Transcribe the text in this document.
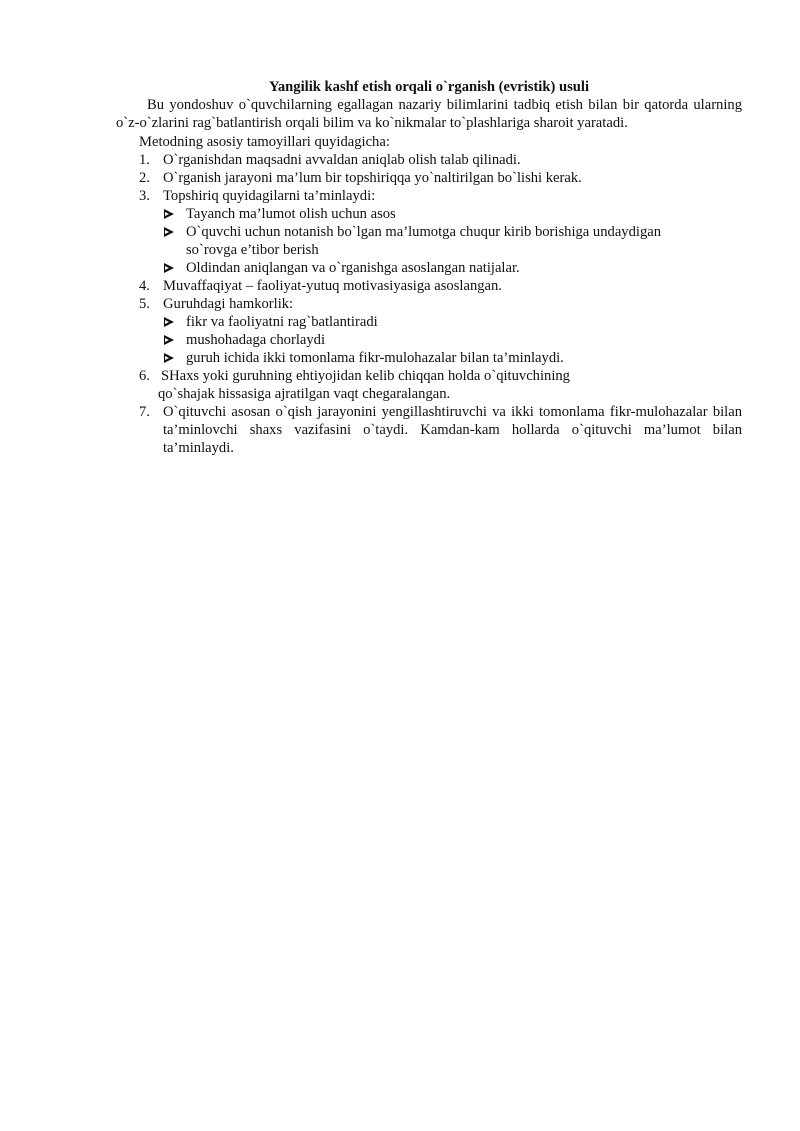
Yangilik kashf etish orqali o`rganish (evristik) usuli

Bu yondoshuv o`quvchilarning egallagan nazariy bilimlarini tadbiq etish bilan bir qatorda ularning o`z-o`zlarini rag`batlantirish orqali bilim va ko`nikmalar to`plashlariga sharoit yaratadi.

Metodning asosiy tamoyillari quyidagicha:

1. O`rganishdan maqsadni avvaldan aniqlab olish talab qilinadi.
2. O`rganish jarayoni ma’lum bir topshiriqqa yo`naltirilgan bo`lishi kerak.
3. Topshiriq quyidagilarni ta’minlaydi:
Tayanch ma’lumot olish uchun asos
O`quvchi uchun notanish bo`lgan ma’lumotga chuqur kirib borishiga undaydigan
so`rovga e’tibor berish
Oldindan aniqlangan va o`rganishga asoslangan natijalar.
4. Muvaffaqiyat – faoliyat-yutuq motivasiyasiga asoslangan.
5. Guruhdagi hamkorlik:
fikr va faoliyatni rag`batlantiradi
mushohadaga chorlaydi
guruh ichida ikki tomonlama fikr-mulohazalar bilan ta’minlaydi.
6. SHaxs yoki guruhning ehtiyojidan kelib chiqqan holda o`qituvchining
qo`shajak hissasiga ajratilgan vaqt chegaralangan.
7. O`qituvchi asosan o`qish jarayonini yengillashtiruvchi va ikki tomonlama fikr-mulohazalar bilan ta’minlovchi shaxs vazifasini o`taydi. Kamdan-kam hollarda o`qituvchi ma’lumot bilan ta’minlaydi.
